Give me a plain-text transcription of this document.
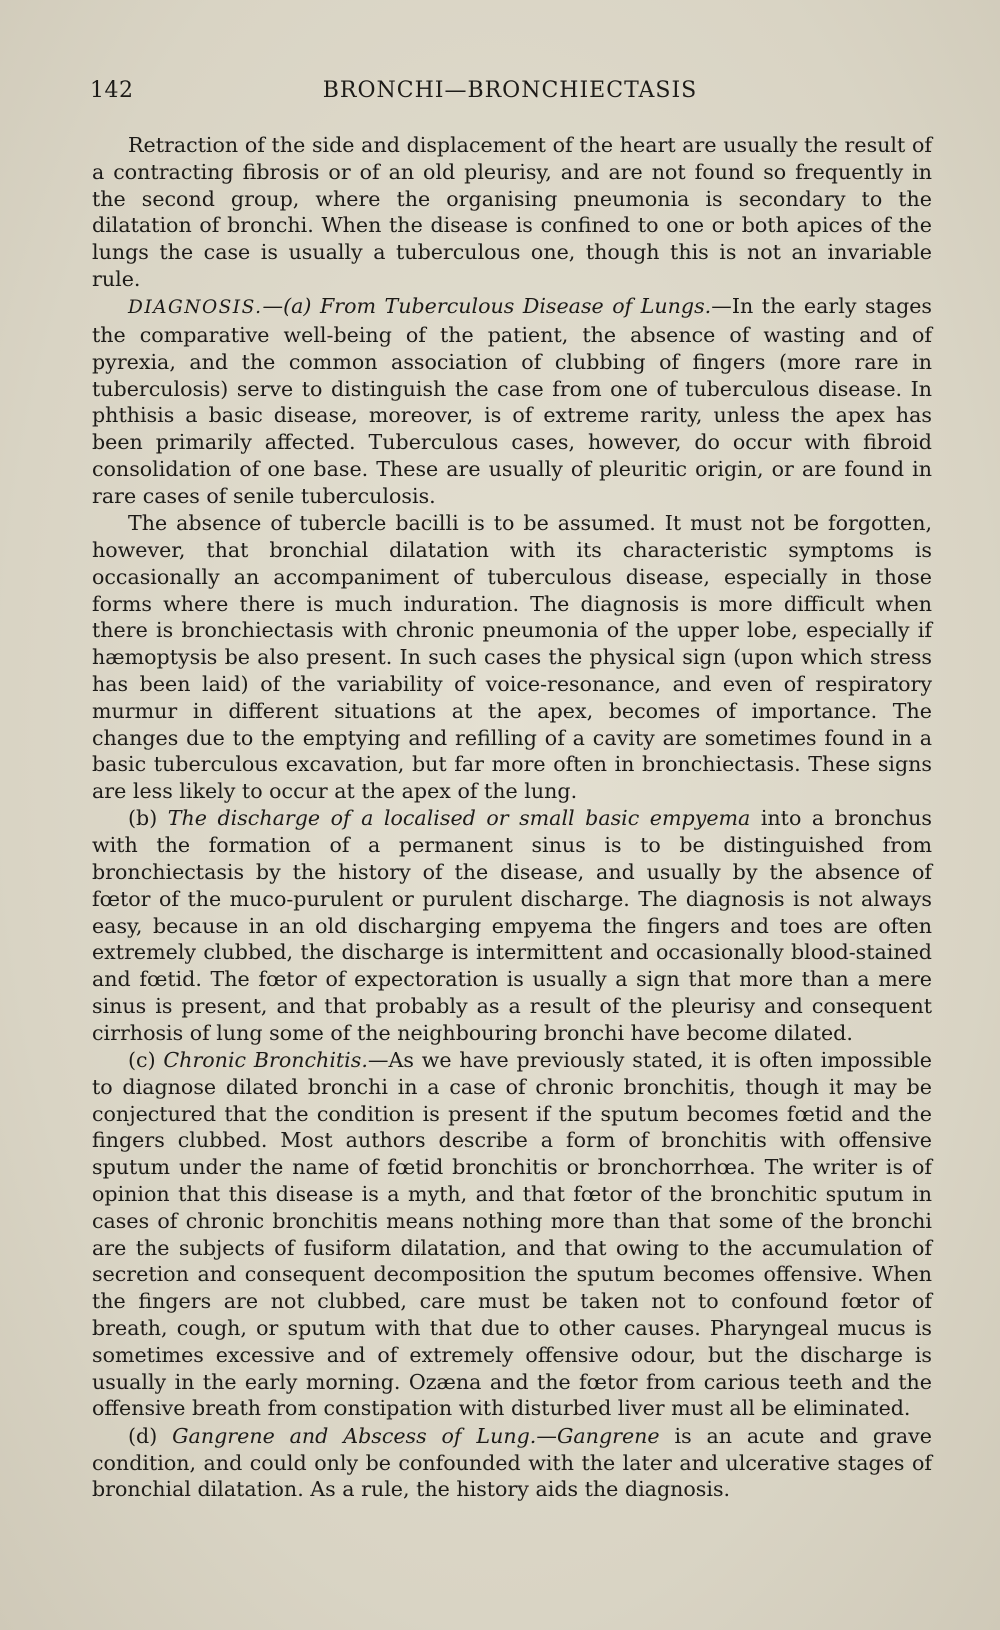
142	BRONCHI—BRONCHIECTASIS

Retraction of the side and displacement of the heart are usually the result of a contracting fibrosis or of an old pleurisy, and are not found so frequently in the second group, where the organising pneumonia is secondary to the dilatation of bronchi. When the disease is confined to one or both apices of the lungs the case is usually a tuberculous one, though this is not an invariable rule.

DIAGNOSIS.—(a) From Tuberculous Disease of Lungs.—In the early stages the comparative well-being of the patient, the absence of wasting and of pyrexia, and the common association of clubbing of fingers (more rare in tuberculosis) serve to distinguish the case from one of tuberculous disease. In phthisis a basic disease, moreover, is of extreme rarity, unless the apex has been primarily affected. Tuberculous cases, however, do occur with fibroid consolidation of one base. These are usually of pleuritic origin, or are found in rare cases of senile tuberculosis.

The absence of tubercle bacilli is to be assumed. It must not be forgotten, however, that bronchial dilatation with its characteristic symptoms is occasionally an accompaniment of tuberculous disease, especially in those forms where there is much induration. The diagnosis is more difficult when there is bronchiectasis with chronic pneumonia of the upper lobe, especially if hæmoptysis be also present. In such cases the physical sign (upon which stress has been laid) of the variability of voice-resonance, and even of respiratory murmur in different situations at the apex, becomes of importance. The changes due to the emptying and refilling of a cavity are sometimes found in a basic tuberculous excavation, but far more often in bronchiectasis. These signs are less likely to occur at the apex of the lung.

(b) The discharge of a localised or small basic empyema into a bronchus with the formation of a permanent sinus is to be distinguished from bronchiectasis by the history of the disease, and usually by the absence of fœtor of the muco-purulent or purulent discharge. The diagnosis is not always easy, because in an old discharging empyema the fingers and toes are often extremely clubbed, the discharge is intermittent and occasionally blood-stained and fœtid. The fœtor of expectoration is usually a sign that more than a mere sinus is present, and that probably as a result of the pleurisy and consequent cirrhosis of lung some of the neighbouring bronchi have become dilated.

(c) Chronic Bronchitis.—As we have previously stated, it is often impossible to diagnose dilated bronchi in a case of chronic bronchitis, though it may be conjectured that the condition is present if the sputum becomes fœtid and the fingers clubbed. Most authors describe a form of bronchitis with offensive sputum under the name of fœtid bronchitis or bronchorrhœa. The writer is of opinion that this disease is a myth, and that fœtor of the bronchitic sputum in cases of chronic bronchitis means nothing more than that some of the bronchi are the subjects of fusiform dilatation, and that owing to the accumulation of secretion and consequent decomposition the sputum becomes offensive. When the fingers are not clubbed, care must be taken not to confound fœtor of breath, cough, or sputum with that due to other causes. Pharyngeal mucus is sometimes excessive and of extremely offensive odour, but the discharge is usually in the early morning. Ozæna and the fœtor from carious teeth and the offensive breath from constipation with disturbed liver must all be eliminated.

(d) Gangrene and Abscess of Lung.—Gangrene is an acute and grave condition, and could only be confounded with the later and ulcerative stages of bronchial dilatation. As a rule, the history aids the diagnosis.
